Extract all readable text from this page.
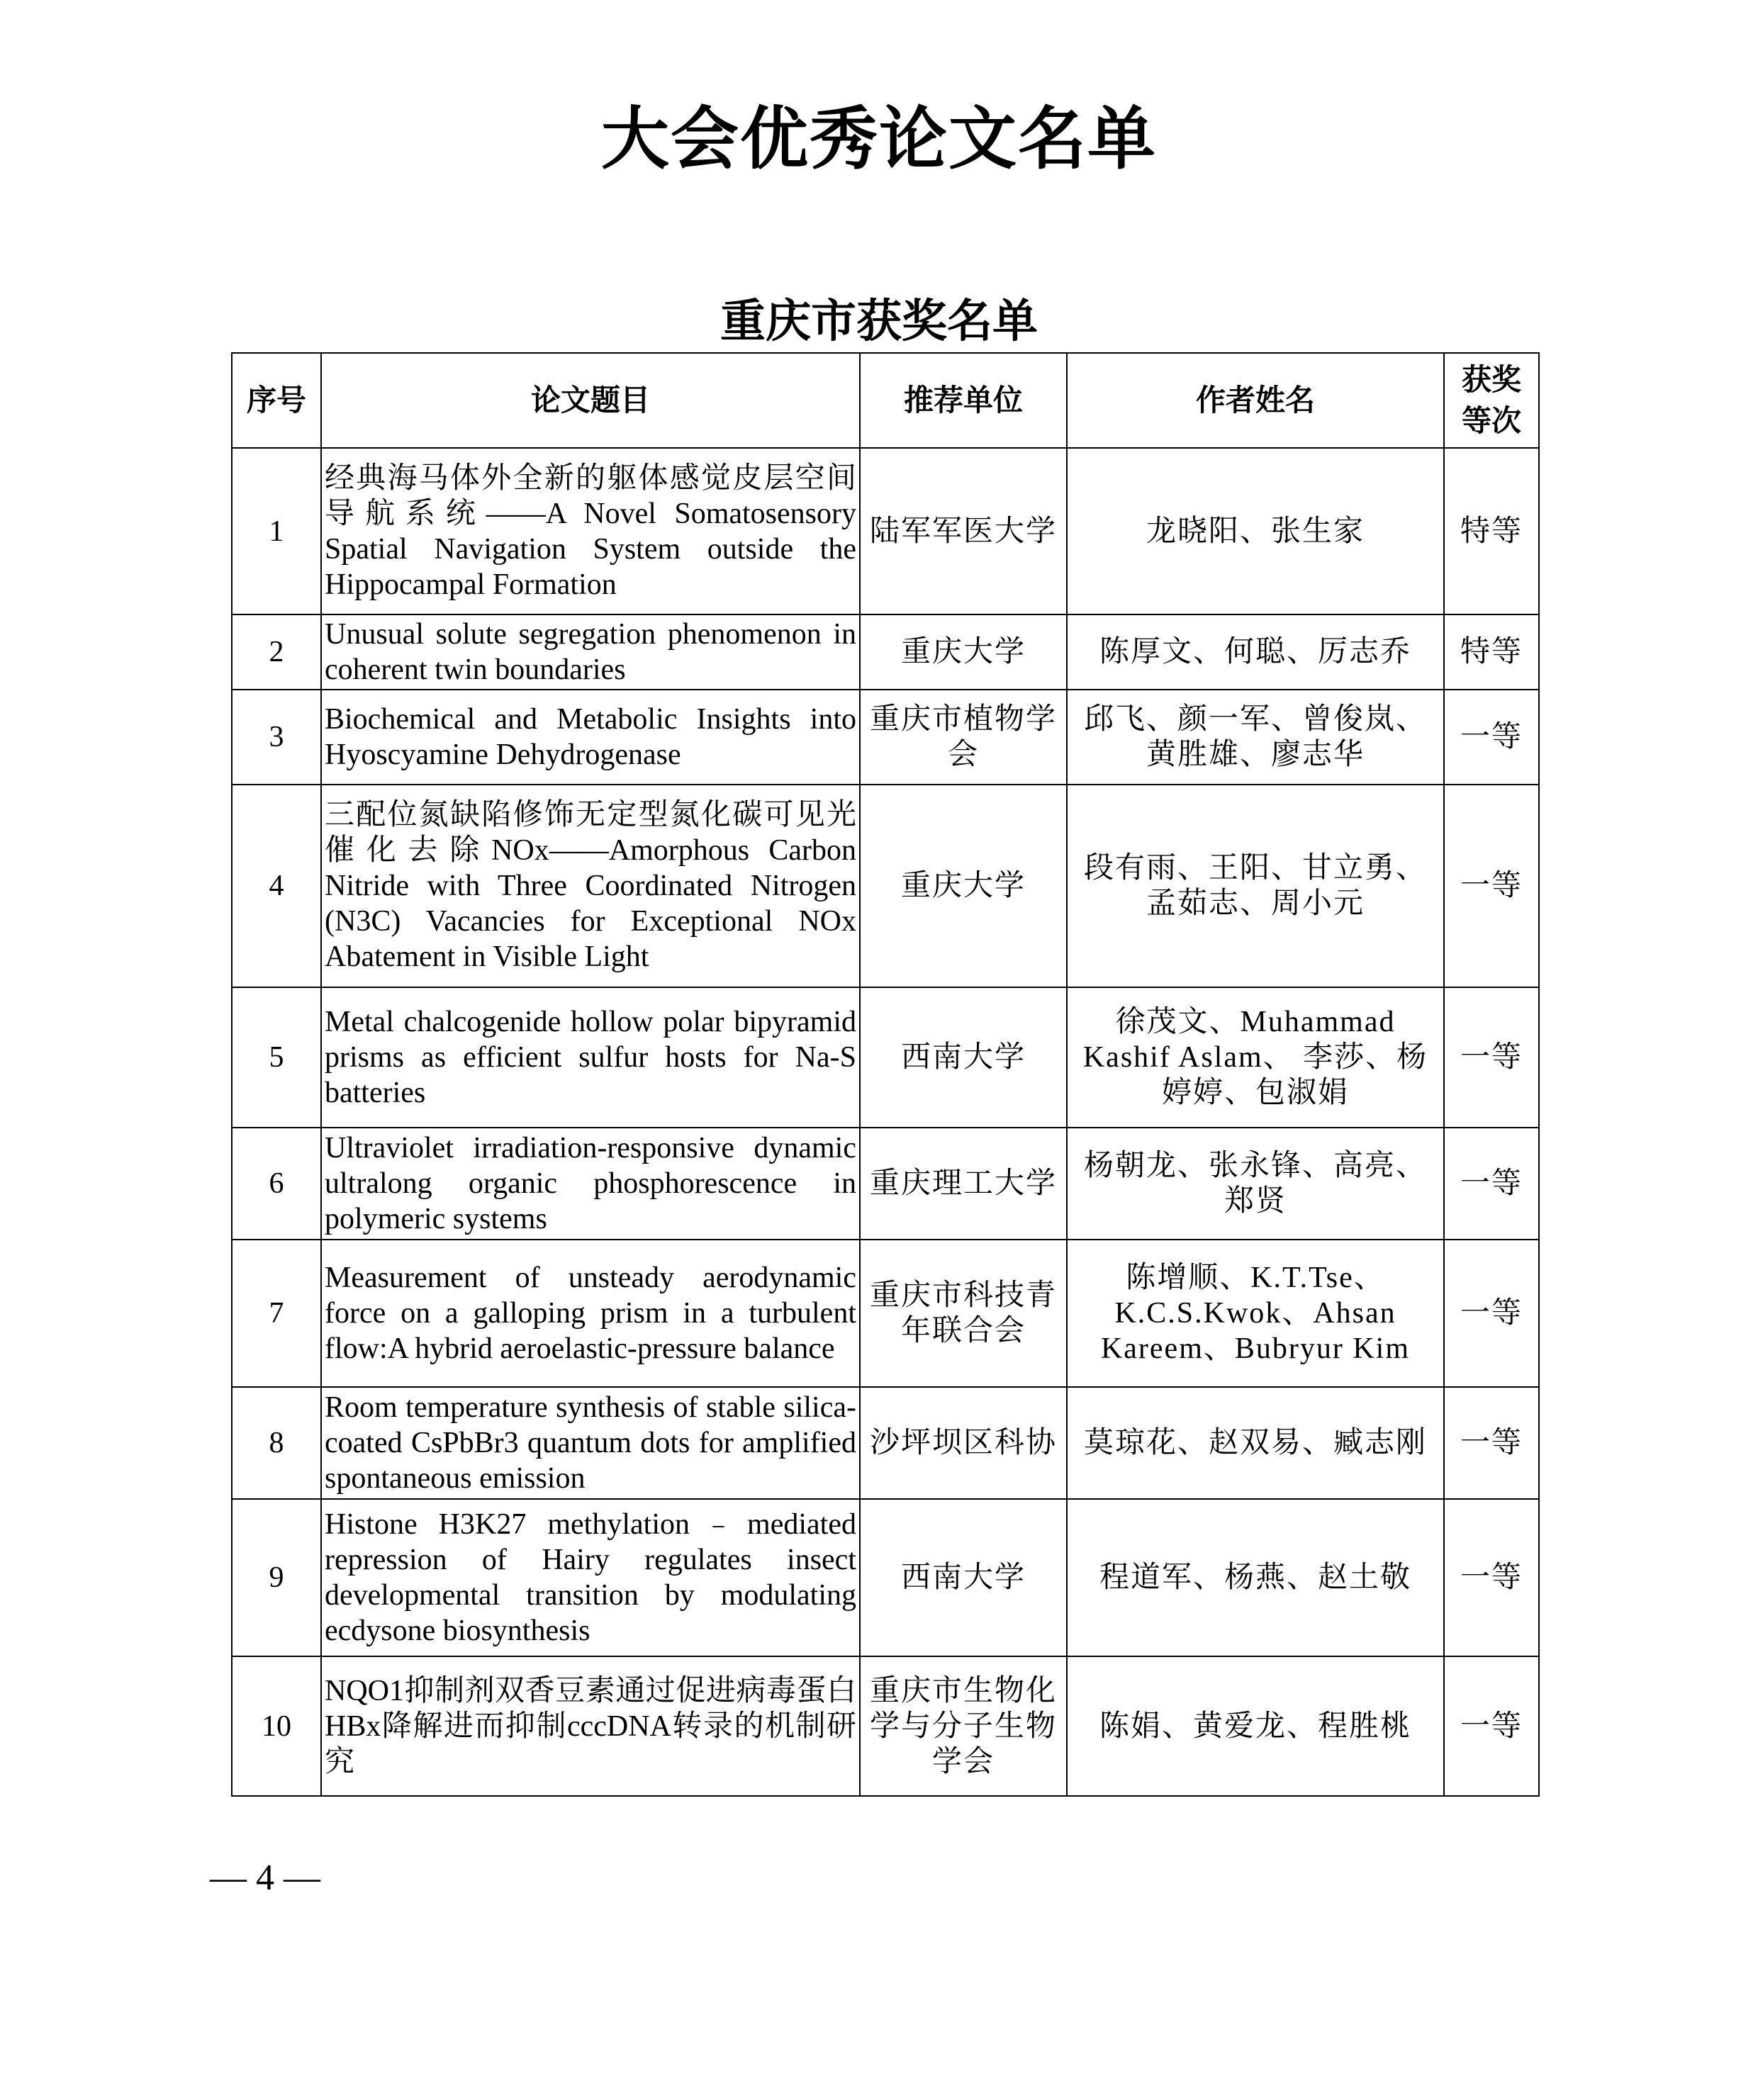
大会优秀论文名单
重庆市获奖名单
序号	论文题目	推荐单位	作者姓名	获奖等次
1	经典海马体外全新的躯体感觉皮层空间导航系统——A Novel Somatosensory Spatial Navigation System outside the Hippocampal Formation	陆军军医大学	龙晓阳、张生家	特等
2	Unusual solute segregation phenomenon in coherent twin boundaries	重庆大学	陈厚文、何聪、厉志乔	特等
3	Biochemical and Metabolic Insights into Hyoscyamine Dehydrogenase	重庆市植物学会	邱飞、颜一军、曾俊岚、黄胜雄、廖志华	一等
4	三配位氮缺陷修饰无定型氮化碳可见光催化去除NOx——Amorphous Carbon Nitride with Three Coordinated Nitrogen (N3C) Vacancies for Exceptional NOx Abatement in Visible Light	重庆大学	段有雨、王阳、甘立勇、孟茹志、周小元	一等
5	Metal chalcogenide hollow polar bipyramid prisms as efficient sulfur hosts for Na-S batteries	西南大学	徐茂文、Muhammad Kashif Aslam、 李莎、杨婷婷、包淑娟	一等
6	Ultraviolet irradiation-responsive dynamic ultralong organic phosphorescence in polymeric systems	重庆理工大学	杨朝龙、张永锋、高亮、郑贤	一等
7	Measurement of unsteady aerodynamic force on a galloping prism in a turbulent flow:A hybrid aeroelastic-pressure balance	重庆市科技青年联合会	陈增顺、K.T.Tse、K.C.S.Kwok、Ahsan Kareem、Bubryur Kim	一等
8	Room temperature synthesis of stable silica-coated CsPbBr3 quantum dots for amplified spontaneous emission	沙坪坝区科协	莫琼花、赵双易、臧志刚	一等
9	Histone H3K27 methylation﹣mediated repression of Hairy regulates insect developmental transition by modulating ecdysone biosynthesis	西南大学	程道军、杨燕、赵土敬	一等
10	NQO1抑制剂双香豆素通过促进病毒蛋白HBx降解进而抑制cccDNA转录的机制研究	重庆市生物化学与分子生物学会	陈娟、黄爱龙、程胜桃	一等
— 4 —
